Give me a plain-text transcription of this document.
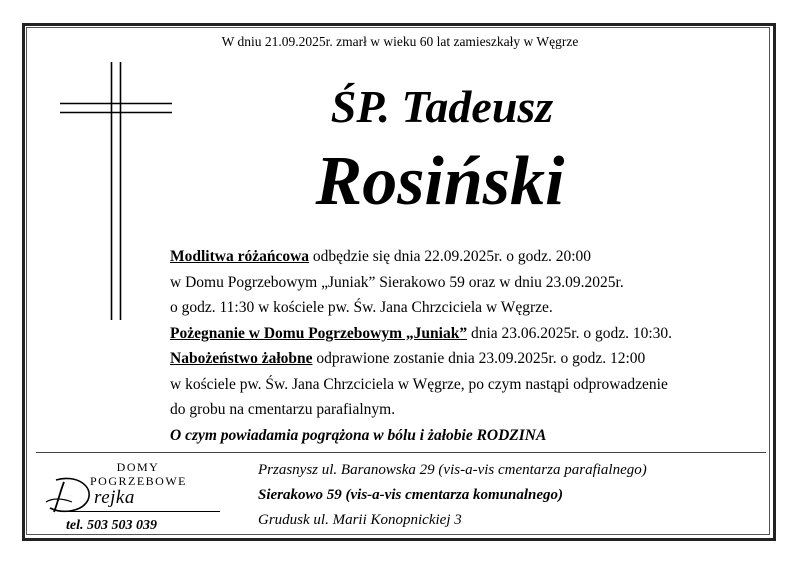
W dniu 21.09.2025r. zmarł w wieku 60 lat zamieszkały w Węgrze
ŚP. Tadeusz
Rosiński
Modlitwa różańcowa odbędzie się dnia 22.09.2025r. o godz. 20:00
w Domu Pogrzebowym „Juniak” Sierakowo 59 oraz w dniu 23.09.2025r.
o godz. 11:30 w kościele pw. Św. Jana Chrzciciela w Węgrze.
Pożegnanie w Domu Pogrzebowym „Juniak” dnia 23.06.2025r. o godz. 10:30.
Nabożeństwo żałobne odprawione zostanie dnia 23.09.2025r. o godz. 12:00
w kościele pw. Św. Jana Chrzciciela w Węgrze, po czym nastąpi odprowadzenie
do grobu na cmentarzu parafialnym.
O czym powiadamia pogrążona w bólu i żałobie RODZINA
DOMY
POGRZEBOWE
D rejka
tel. 503 503 039
Przasnysz ul. Baranowska 29 (vis-a-vis cmentarza parafialnego)
Sierakowo 59 (vis-a-vis cmentarza komunalnego)
Grudusk ul. Marii Konopnickiej 3
